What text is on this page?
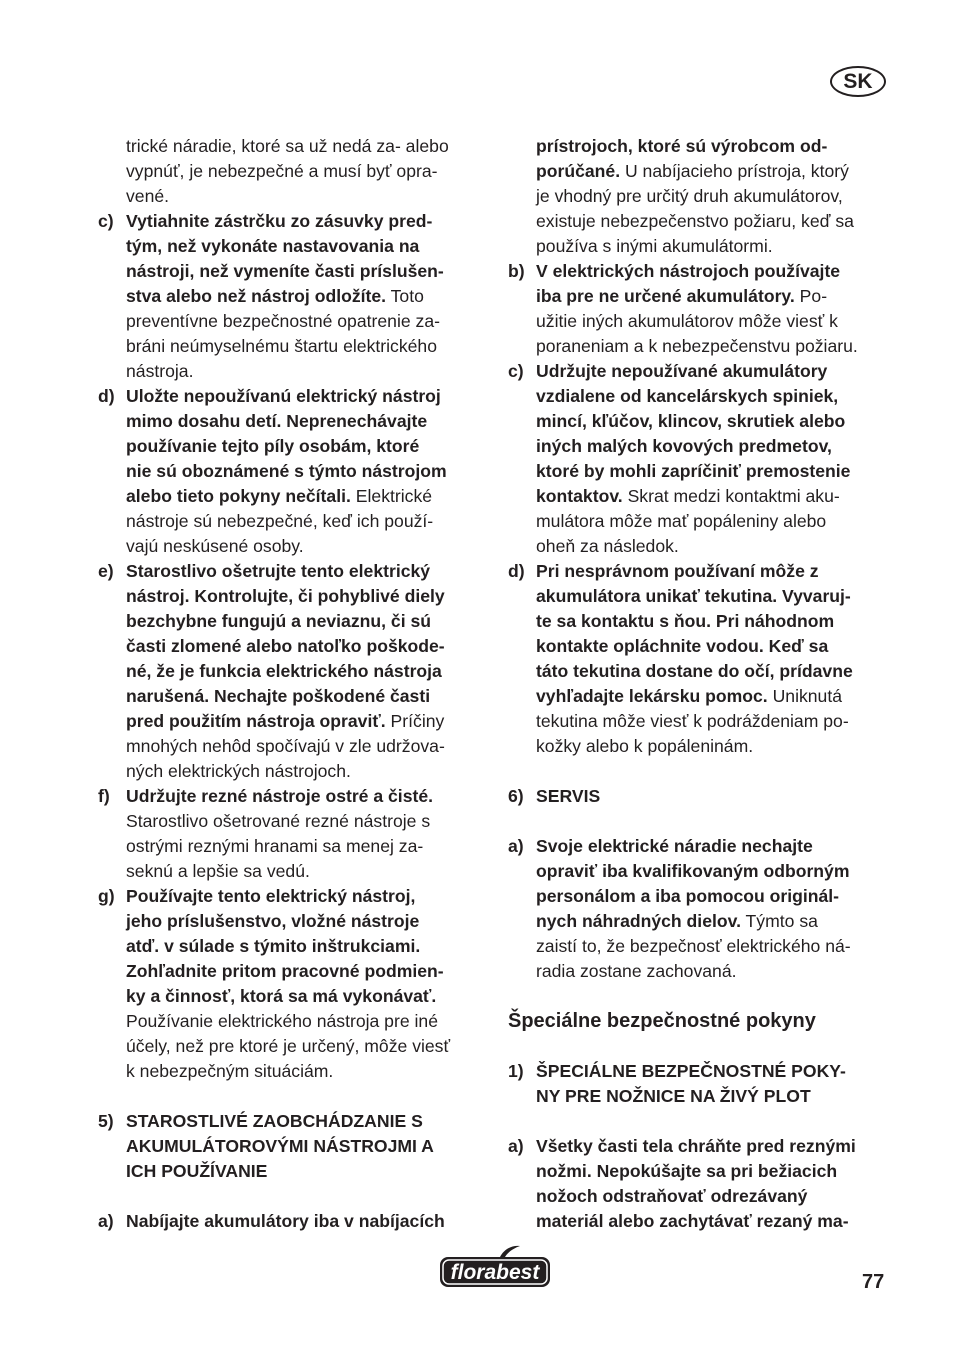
SK
trické náradie, ktoré sa už nedá za- alebo
vypnúť, je nebezpečné a musí byť opra-
vené.
c) Vytiahnite zástrčku zo zásuvky pred-
tým, než vykonáte nastavovania na
nástroji, než vymeníte časti príslušen-
stva alebo než nástroj odložíte. Toto
preventívne bezpečnostné opatrenie za-
bráni neúmyselnému štartu elektrického
nástroja.
d) Uložte nepoužívanú elektrický nástroj
mimo dosahu detí. Neprenechávajte
používanie tejto píly osobám, ktoré
nie sú oboznámené s týmto nástrojom
alebo tieto pokyny nečítali. Elektrické
nástroje sú nebezpečné, keď ich použí-
vajú neskúsené osoby.
e) Starostlivo ošetrujte tento elektrický
nástroj. Kontrolujte, či pohyblivé diely
bezchybne fungujú a neviaznu, či sú
časti zlomené alebo natoľko poškode-
né, že je funkcia elektrického nástroja
narušená. Nechajte poškodené časti
pred použitím nástroja opraviť. Príčiny
mnohých nehôd spočívajú v zle udržova-
ných elektrických nástrojoch.
f) Udržujte rezné nástroje ostré a čisté.
Starostlivo ošetrované rezné nástroje s
ostrými reznými hranami sa menej za-
seknú a lepšie sa vedú.
g) Používajte tento elektrický nástroj,
jeho príslušenstvo, vložné nástroje
atď. v súlade s týmito inštrukciami.
Zohľadnite pritom pracovné podmien-
ky a činnosť, ktorá sa má vykonávať.
Používanie elektrického nástroja pre iné
účely, než pre ktoré je určený, môže viesť
k nebezpečným situáciám.
5) STAROSTLIVÉ ZAOBCHÁDZANIE S
AKUMULÁTOROVÝMI NÁSTROJMI A
ICH POUŽÍVANIE
a) Nabíjajte akumulátory iba v nabíjacích
prístrojoch, ktoré sú výrobcom od-
porúčané. U nabíjacieho prístroja, ktorý
je vhodný pre určitý druh akumulátorov,
existuje nebezpečenstvo požiaru, keď sa
používa s inými akumulátormi.
b) V elektrických nástrojoch používajte
iba pre ne určené akumulátory. Po-
užitie iných akumulátorov môže viesť k
poraneniam a k nebezpečenstvu požiaru.
c) Udržujte nepoužívané akumulátory
vzdialene od kancelárskych spiniek,
mincí, kľúčov, klincov, skrutiek alebo
iných malých kovových predmetov,
ktoré by mohli zapríčiniť premostenie
kontaktov. Skrat medzi kontaktmi aku-
mulátora môže mať popáleniny alebo
oheň za následok.
d) Pri nesprávnom používaní môže z
akumulátora unikať tekutina. Vyvaruj-
te sa kontaktu s ňou. Pri náhodnom
kontakte opláchnite vodou. Keď sa
táto tekutina dostane do očí, prídavne
vyhľadajte lekársku pomoc. Uniknutá
tekutina môže viesť k podráždeniam po-
kožky alebo k popáleninám.
6) SERVIS
a) Svoje elektrické náradie nechajte
opraviť iba kvalifikovaným odborným
personálom a iba pomocou originál-
nych náhradných dielov. Týmto sa
zaistí to, že bezpečnosť elektrického ná-
radia zostane zachovaná.
Špeciálne bezpečnostné pokyny
1) ŠPECIÁLNE BEZPEČNOSTNÉ POKY-
NY PRE NOŽNICE NA ŽIVÝ PLOT
a) Všetky časti tela chráňte pred reznými
nožmi. Nepokúšajte sa pri bežiacich
nožoch odstraňovať odrezávaný
materiál alebo zachytávať rezaný ma-
florabest	77
